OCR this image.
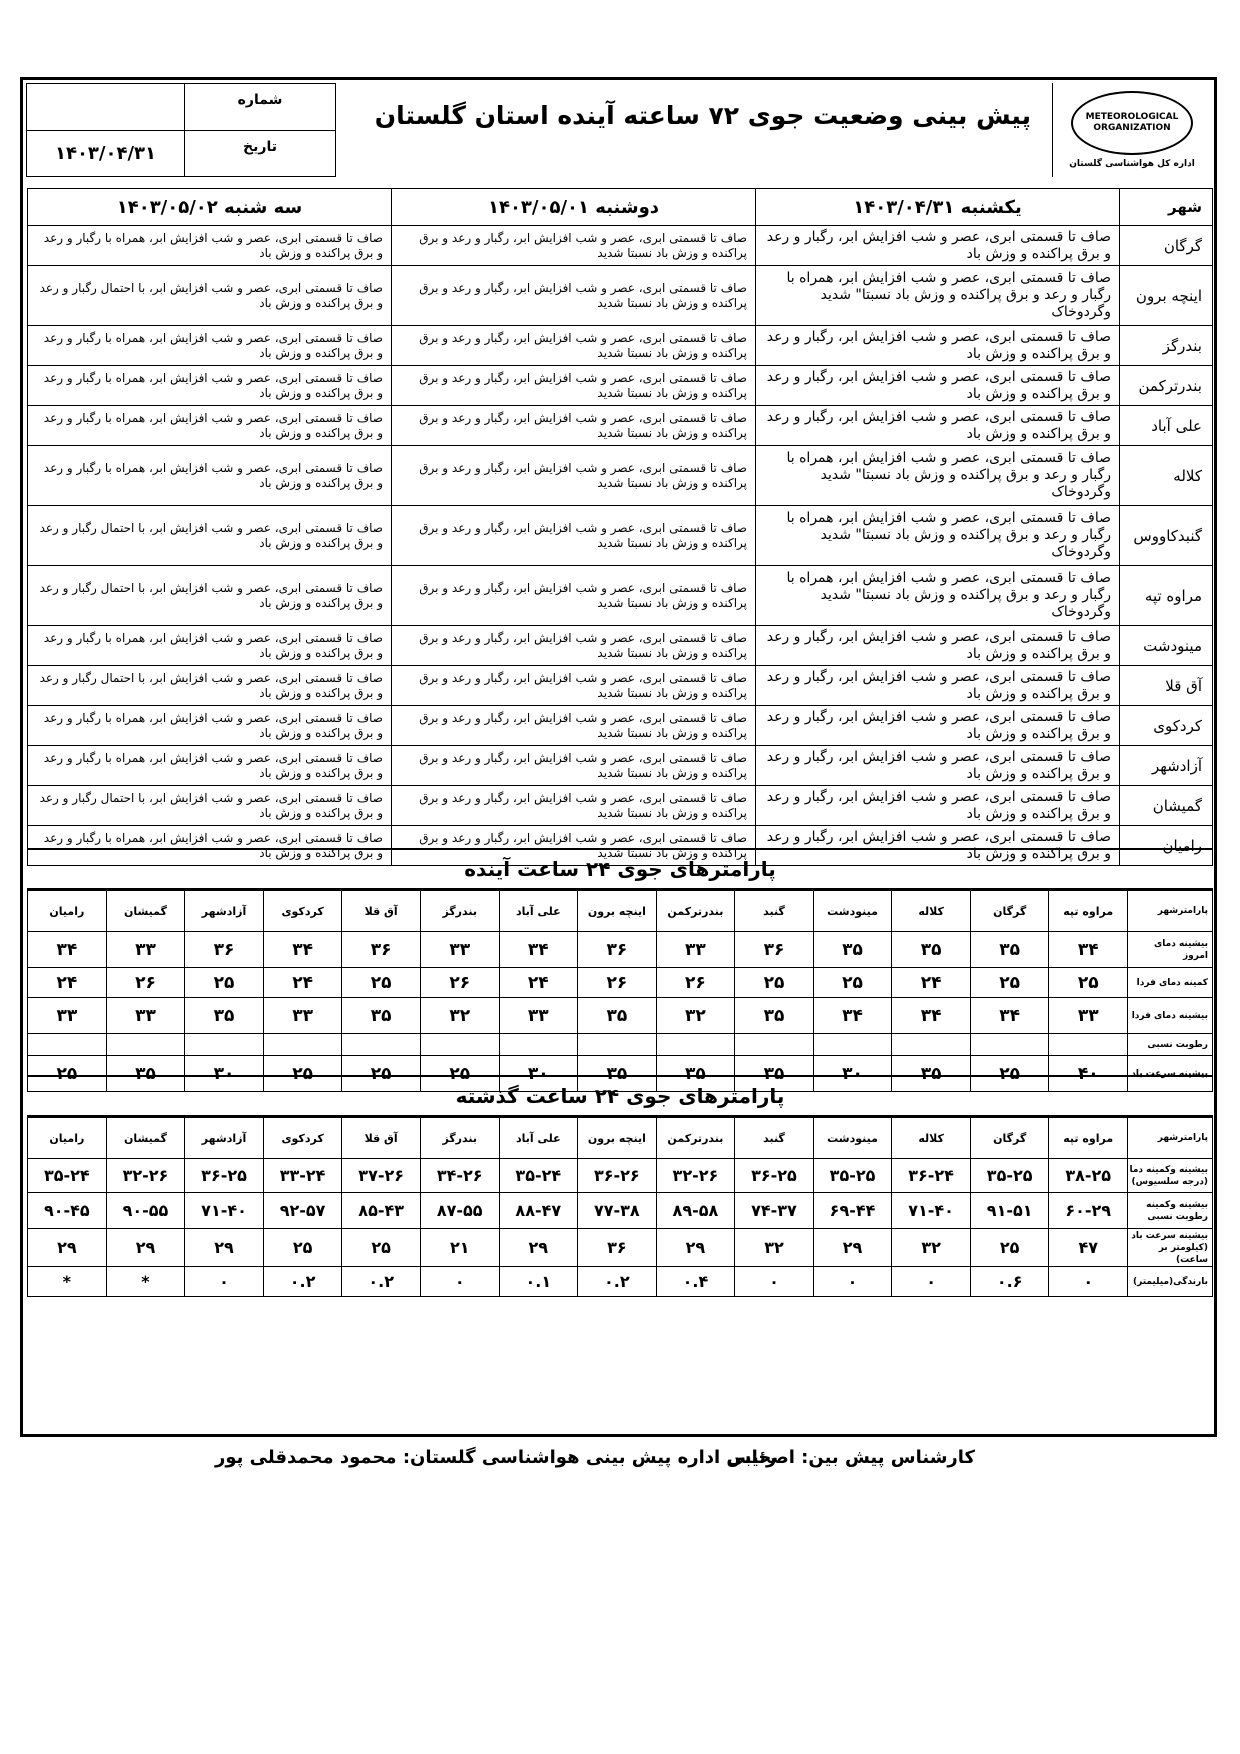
METEOROLOGICAL ORGANIZATION
اداره کل هواشناسی گلستان
پیش بینی وضعیت جوی ۷۲ ساعته آینده استان گلستان
شماره	
تاریخ	۱۴۰۳/۰۴/۳۱
شهر	یکشنبه ۱۴۰۳/۰۴/۳۱	دوشنبه ۱۴۰۳/۰۵/۰۱	سه شنبه ۱۴۰۳/۰۵/۰۲
گرگان	صاف تا قسمتی ابری، عصر و شب افزایش ابر، رگبار و رعد و برق پراکنده و وزش باد	صاف تا قسمتی ابری، عصر و شب افزایش ابر، رگبار و رعد و برق پراکنده و وزش باد نسبتا شدید	صاف تا قسمتی ابری، عصر و شب افزایش ابر، همراه با رگبار و رعد و برق پراکنده و وزش باد
اینچه برون	صاف تا قسمتی ابری، عصر و شب افزایش ابر، همراه با رگبار و رعد و برق پراکنده و وزش باد نسبتا" شدید وگردوخاک	صاف تا قسمتی ابری، عصر و شب افزایش ابر، رگبار و رعد و برق پراکنده و وزش باد نسبتا شدید	صاف تا قسمتی ابری، عصر و شب افزایش ابر، با احتمال رگبار و رعد و برق پراکنده و وزش باد
بندرگز	صاف تا قسمتی ابری، عصر و شب افزایش ابر، رگبار و رعد و برق پراکنده و وزش باد	صاف تا قسمتی ابری، عصر و شب افزایش ابر، رگبار و رعد و برق پراکنده و وزش باد نسبتا شدید	صاف تا قسمتی ابری، عصر و شب افزایش ابر، همراه با رگبار و رعد و برق پراکنده و وزش باد
بندرترکمن	صاف تا قسمتی ابری، عصر و شب افزایش ابر، رگبار و رعد و برق پراکنده و وزش باد	صاف تا قسمتی ابری، عصر و شب افزایش ابر، رگبار و رعد و برق پراکنده و وزش باد نسبتا شدید	صاف تا قسمتی ابری، عصر و شب افزایش ابر، همراه با رگبار و رعد و برق پراکنده و وزش باد
علی آباد	صاف تا قسمتی ابری، عصر و شب افزایش ابر، رگبار و رعد و برق پراکنده و وزش باد	صاف تا قسمتی ابری، عصر و شب افزایش ابر، رگبار و رعد و برق پراکنده و وزش باد نسبتا شدید	صاف تا قسمتی ابری، عصر و شب افزایش ابر، همراه با رگبار و رعد و برق پراکنده و وزش باد
کلاله	صاف تا قسمتی ابری، عصر و شب افزایش ابر، همراه با رگبار و رعد و برق پراکنده و وزش باد نسبتا" شدید وگردوخاک	صاف تا قسمتی ابری، عصر و شب افزایش ابر، رگبار و رعد و برق پراکنده و وزش باد نسبتا شدید	صاف تا قسمتی ابری، عصر و شب افزایش ابر، همراه با رگبار و رعد و برق پراکنده و وزش باد
گنبدکاووس	صاف تا قسمتی ابری، عصر و شب افزایش ابر، همراه با رگبار و رعد و برق پراکنده و وزش باد نسبتا" شدید وگردوخاک	صاف تا قسمتی ابری، عصر و شب افزایش ابر، رگبار و رعد و برق پراکنده و وزش باد نسبتا شدید	صاف تا قسمتی ابری، عصر و شب افزایش ابر، با احتمال رگبار و رعد و برق پراکنده و وزش باد
مراوه تپه	صاف تا قسمتی ابری، عصر و شب افزایش ابر، همراه با رگبار و رعد و برق پراکنده و وزش باد نسبتا" شدید وگردوخاک	صاف تا قسمتی ابری، عصر و شب افزایش ابر، رگبار و رعد و برق پراکنده و وزش باد نسبتا شدید	صاف تا قسمتی ابری، عصر و شب افزایش ابر، با احتمال رگبار و رعد و برق پراکنده و وزش باد
مینودشت	صاف تا قسمتی ابری، عصر و شب افزایش ابر، رگبار و رعد و برق پراکنده و وزش باد	صاف تا قسمتی ابری، عصر و شب افزایش ابر، رگبار و رعد و برق پراکنده و وزش باد نسبتا شدید	صاف تا قسمتی ابری، عصر و شب افزایش ابر، همراه با رگبار و رعد و برق پراکنده و وزش باد
آق قلا	صاف تا قسمتی ابری، عصر و شب افزایش ابر، رگبار و رعد و برق پراکنده و وزش باد	صاف تا قسمتی ابری، عصر و شب افزایش ابر، رگبار و رعد و برق پراکنده و وزش باد نسبتا شدید	صاف تا قسمتی ابری، عصر و شب افزایش ابر، با احتمال رگبار و رعد و برق پراکنده و وزش باد
کردکوی	صاف تا قسمتی ابری، عصر و شب افزایش ابر، رگبار و رعد و برق پراکنده و وزش باد	صاف تا قسمتی ابری، عصر و شب افزایش ابر، رگبار و رعد و برق پراکنده و وزش باد نسبتا شدید	صاف تا قسمتی ابری، عصر و شب افزایش ابر، همراه با رگبار و رعد و برق پراکنده و وزش باد
آزادشهر	صاف تا قسمتی ابری، عصر و شب افزایش ابر، رگبار و رعد و برق پراکنده و وزش باد	صاف تا قسمتی ابری، عصر و شب افزایش ابر، رگبار و رعد و برق پراکنده و وزش باد نسبتا شدید	صاف تا قسمتی ابری، عصر و شب افزایش ابر، همراه با رگبار و رعد و برق پراکنده و وزش باد
گمیشان	صاف تا قسمتی ابری، عصر و شب افزایش ابر، رگبار و رعد و برق پراکنده و وزش باد	صاف تا قسمتی ابری، عصر و شب افزایش ابر، رگبار و رعد و برق پراکنده و وزش باد نسبتا شدید	صاف تا قسمتی ابری، عصر و شب افزایش ابر، با احتمال رگبار و رعد و برق پراکنده و وزش باد
رامیان	صاف تا قسمتی ابری، عصر و شب افزایش ابر، رگبار و رعد و برق پراکنده و وزش باد	صاف تا قسمتی ابری، عصر و شب افزایش ابر، رگبار و رعد و برق پراکنده و وزش باد نسبتا شدید	صاف تا قسمتی ابری، عصر و شب افزایش ابر، همراه با رگبار و رعد و برق پراکنده و وزش باد
پارامترهای جوی ۲۴ ساعت آینده
پارامترشهر	مراوه تپه	گرگان	کلاله	مینودشت	گنبد	بندرترکمن	اینچه برون	علی آباد	بندرگز	آق قلا	کردکوی	آزادشهر	گمیشان	رامیان
بیشینه دمای امروز	۳۴	۳۵	۳۵	۳۵	۳۶	۳۳	۳۶	۳۴	۳۳	۳۶	۳۴	۳۶	۳۳	۳۴
کمینه دمای فردا	۲۵	۲۵	۲۴	۲۵	۲۵	۲۶	۲۶	۲۴	۲۶	۲۵	۲۴	۲۵	۲۶	۲۴
بیشینه دمای فردا	۳۳	۳۴	۳۴	۳۴	۳۵	۳۲	۳۵	۳۳	۳۲	۳۵	۳۳	۳۵	۳۳	۳۳
رطوبت نسبی														
بیشینه سرعت باد	۴۰	۲۵	۳۵	۳۰	۳۵	۳۵	۳۵	۳۰	۲۵	۲۵	۲۵	۳۰	۳۵	۲۵
پارامترهای جوی ۲۴ ساعت گذشته
پارامترشهر	مراوه تپه	گرگان	کلاله	مینودشت	گنبد	بندرترکمن	اینچه برون	علی آباد	بندرگز	آق قلا	کردکوی	آزادشهر	گمیشان	رامیان
بیشینه وکمینه دما (درجه سلسیوس)	۳۸-۲۵	۳۵-۲۵	۳۶-۲۴	۳۵-۲۵	۳۶-۲۵	۳۲-۲۶	۳۶-۲۶	۳۵-۲۴	۳۴-۲۶	۳۷-۲۶	۳۳-۲۴	۳۶-۲۵	۳۲-۲۶	۳۵-۲۴
بیشینه وکمینه رطوبت نسبی	۶۰-۲۹	۹۱-۵۱	۷۱-۴۰	۶۹-۴۴	۷۴-۳۷	۸۹-۵۸	۷۷-۳۸	۸۸-۴۷	۸۷-۵۵	۸۵-۴۳	۹۲-۵۷	۷۱-۴۰	۹۰-۵۵	۹۰-۴۵
بیشینه سرعت باد (کیلومتر بر ساعت)	۴۷	۲۵	۳۲	۲۹	۳۲	۲۹	۳۶	۲۹	۲۱	۲۵	۲۵	۲۹	۲۹	۲۹
بارندگی(میلیمتر)	۰	۰.۶	۰	۰	۰	۰.۴	۰.۲	۰.۱	۰	۰.۲	۰.۲	۰	*	*
کارشناس پیش بین: اصحابی
رئیس اداره پیش بینی هواشناسی گلستان: محمود محمدقلی پور
